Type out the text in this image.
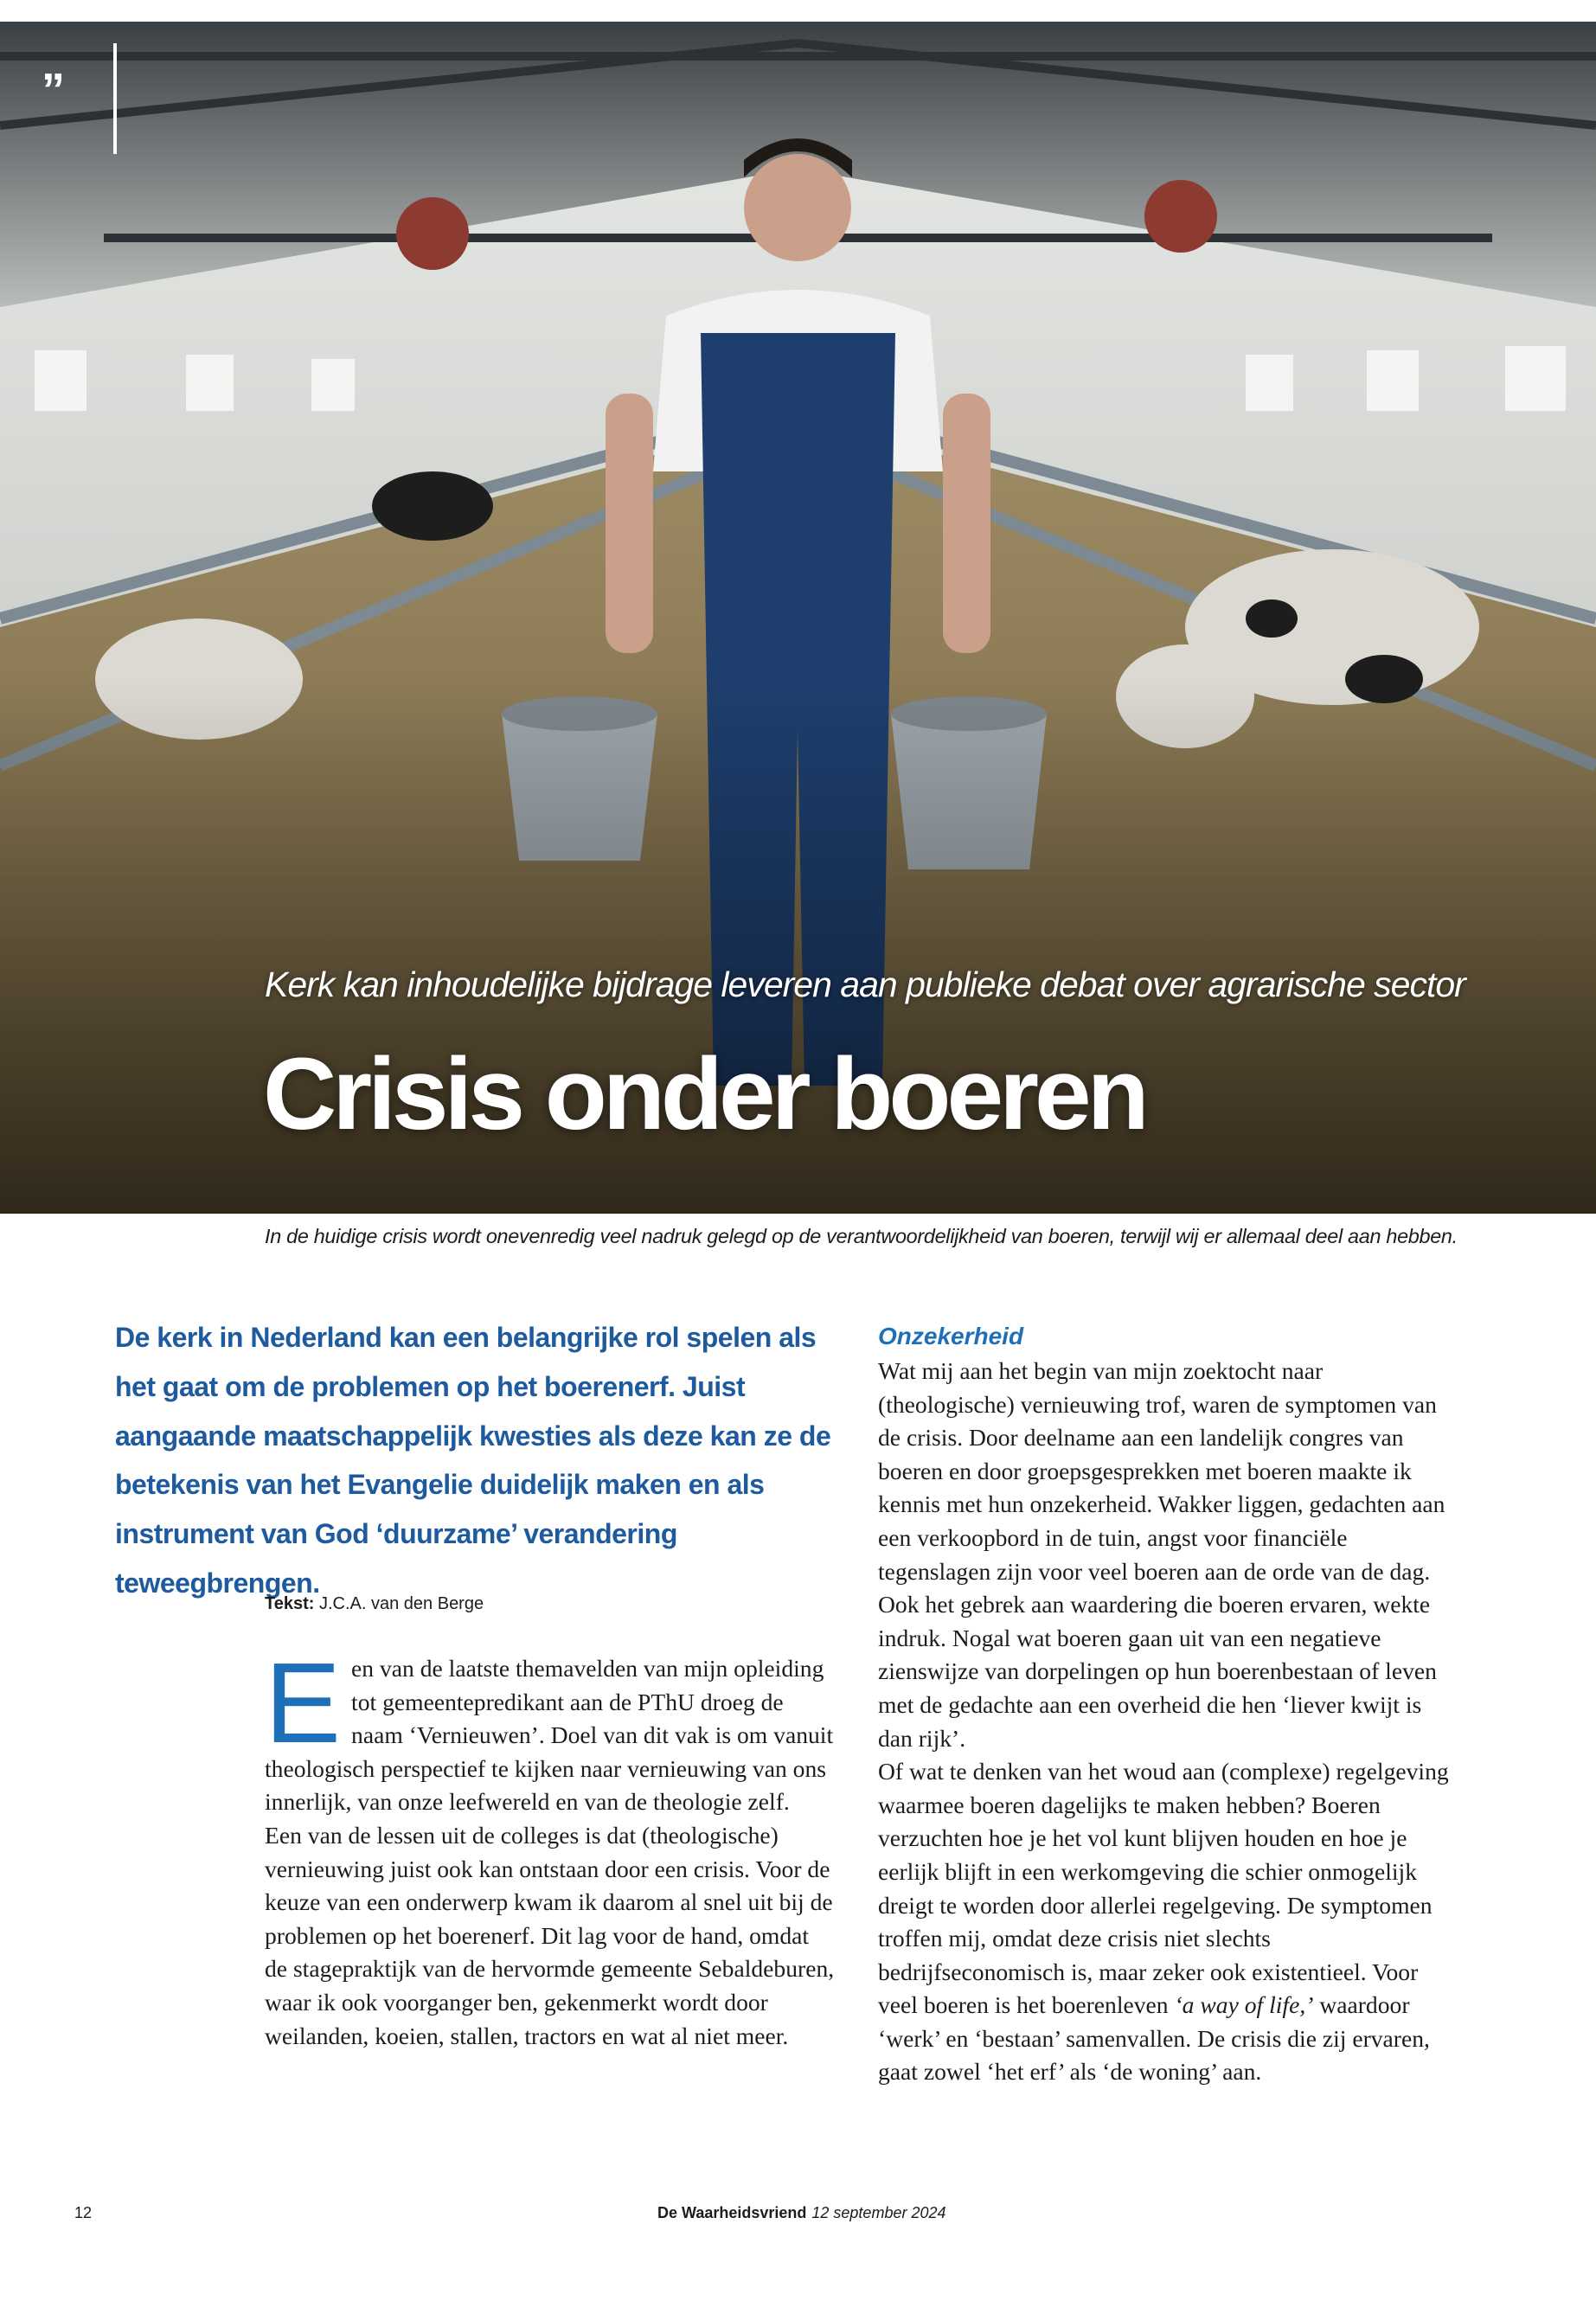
”
Kerk kan inhoudelijke bijdrage leveren aan publieke debat over agrarische sector
Crisis onder boeren
In de huidige crisis wordt onevenredig veel nadruk gelegd op de verantwoordelijkheid van boeren, terwijl wij er allemaal deel aan hebben.
De kerk in Nederland kan een belangrijke rol spelen als het gaat om de problemen op het boerenerf. Juist aangaande maatschappelijk kwesties als deze kan ze de betekenis van het Evangelie duidelijk maken en als instrument van God ‘duurzame’ verandering teweegbrengen.
Tekst: J.C.A. van den Berge
E en van de laatste themavelden van mijn opleiding tot gemeentepredikant aan de PThU droeg de naam ‘Vernieuwen’. Doel van dit vak is om vanuit theologisch perspectief te kijken naar vernieuwing van ons innerlijk, van onze leefwereld en van de theologie zelf.

Een van de lessen uit de colleges is dat (theologische) vernieuwing juist ook kan ontstaan door een crisis. Voor de keuze van een onderwerp kwam ik daarom al snel uit bij de problemen op het boerenerf. Dit lag voor de hand, omdat de stagepraktijk van de hervormde gemeente Sebaldeburen, waar ik ook voorganger ben, gekenmerkt wordt door weilanden, koeien, stallen, tractors en wat al niet meer.

Onzekerheid

Wat mij aan het begin van mijn zoektocht naar (theologische) vernieuwing trof, waren de symptomen van de crisis. Door deelname aan een landelijk congres van boeren en door groepsgesprekken met boeren maakte ik kennis met hun onzekerheid. Wakker liggen, gedachten aan een verkoopbord in de tuin, angst voor financiële tegenslagen zijn voor veel boeren aan de orde van de dag. Ook het gebrek aan waardering die boeren ervaren, wekte indruk. Nogal wat boeren gaan uit van een negatieve zienswijze van dorpelingen op hun boerenbestaan of leven met de gedachte aan een overheid die hen ‘liever kwijt is dan rijk’.

Of wat te denken van het woud aan (complexe) regelgeving waarmee boeren dagelijks te maken hebben? Boeren verzuchten hoe je het vol kunt blijven houden en hoe je eerlijk blijft in een werkomgeving die schier onmogelijk dreigt te worden door allerlei regelgeving. De symptomen troffen mij, omdat deze crisis niet slechts bedrijfseconomisch is, maar zeker ook existentieel. Voor veel boeren is het boerenleven ‘a way of life,’ waardoor ‘werk’ en ‘bestaan’ samenvallen. De crisis die zij ervaren, gaat zowel ‘het erf’ als ‘de woning’ aan.

12	De Waarheidsvriend 12 september 2024
